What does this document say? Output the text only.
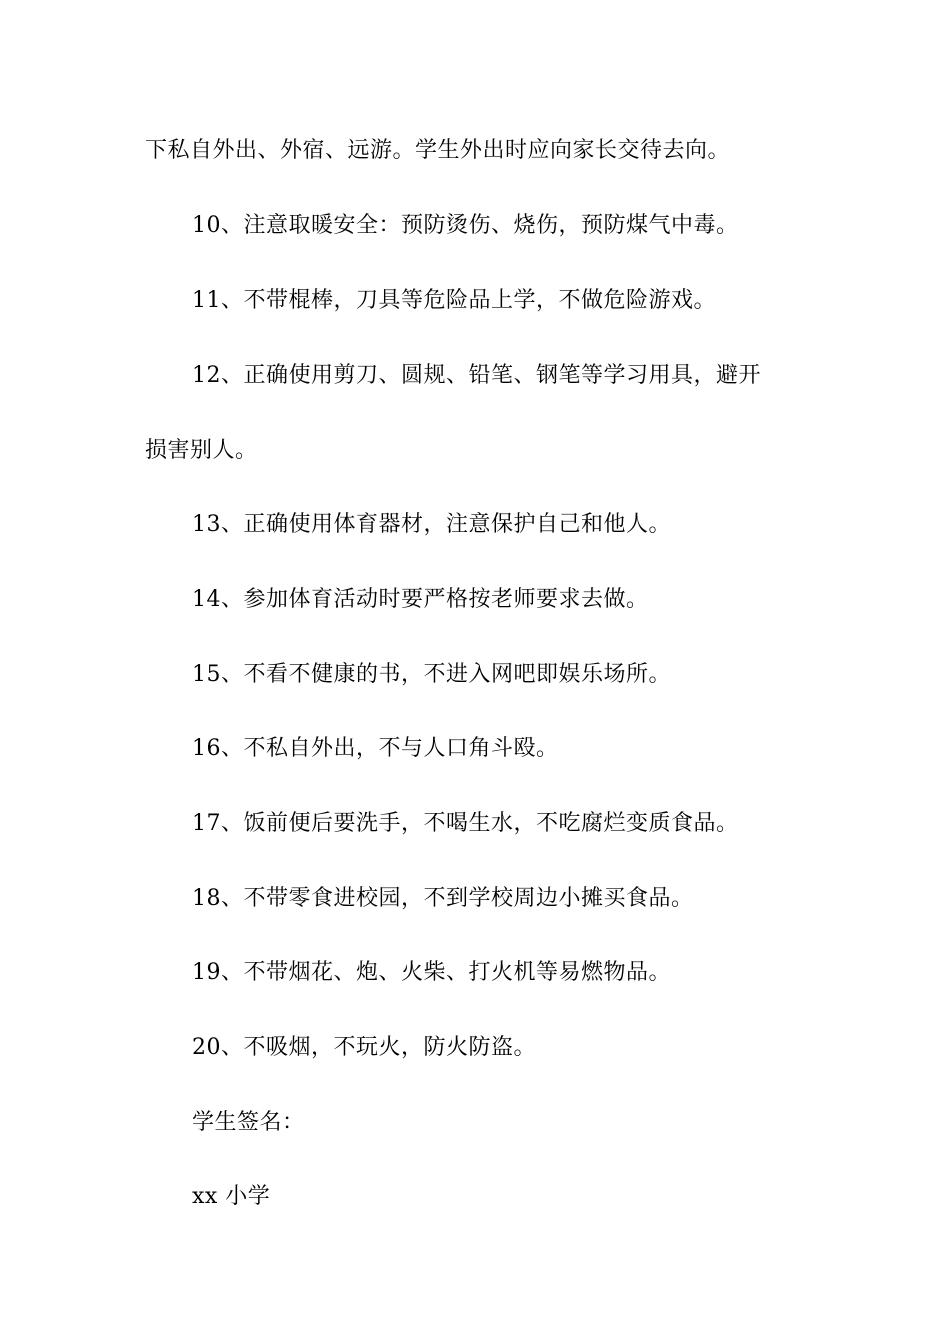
下私自外出、外宿、远游。学生外出时应向家长交待去向。
10、注意取暖安全：预防烫伤、烧伤，预防煤气中毒。
11、不带棍棒，刀具等危险品上学，不做危险游戏。
12、正确使用剪刀、圆规、铅笔、钢笔等学习用具，避开
损害别人。
13、正确使用体育器材，注意保护自己和他人。
14、参加体育活动时要严格按老师要求去做。
15、不看不健康的书，不进入网吧即娱乐场所。
16、不私自外出，不与人口角斗殴。
17、饭前便后要洗手，不喝生水，不吃腐烂变质食品。
18、不带零食进校园，不到学校周边小摊买食品。
19、不带烟花、炮、火柴、打火机等易燃物品。
20、不吸烟，不玩火，防火防盗。
学生签名：
xx 小学
